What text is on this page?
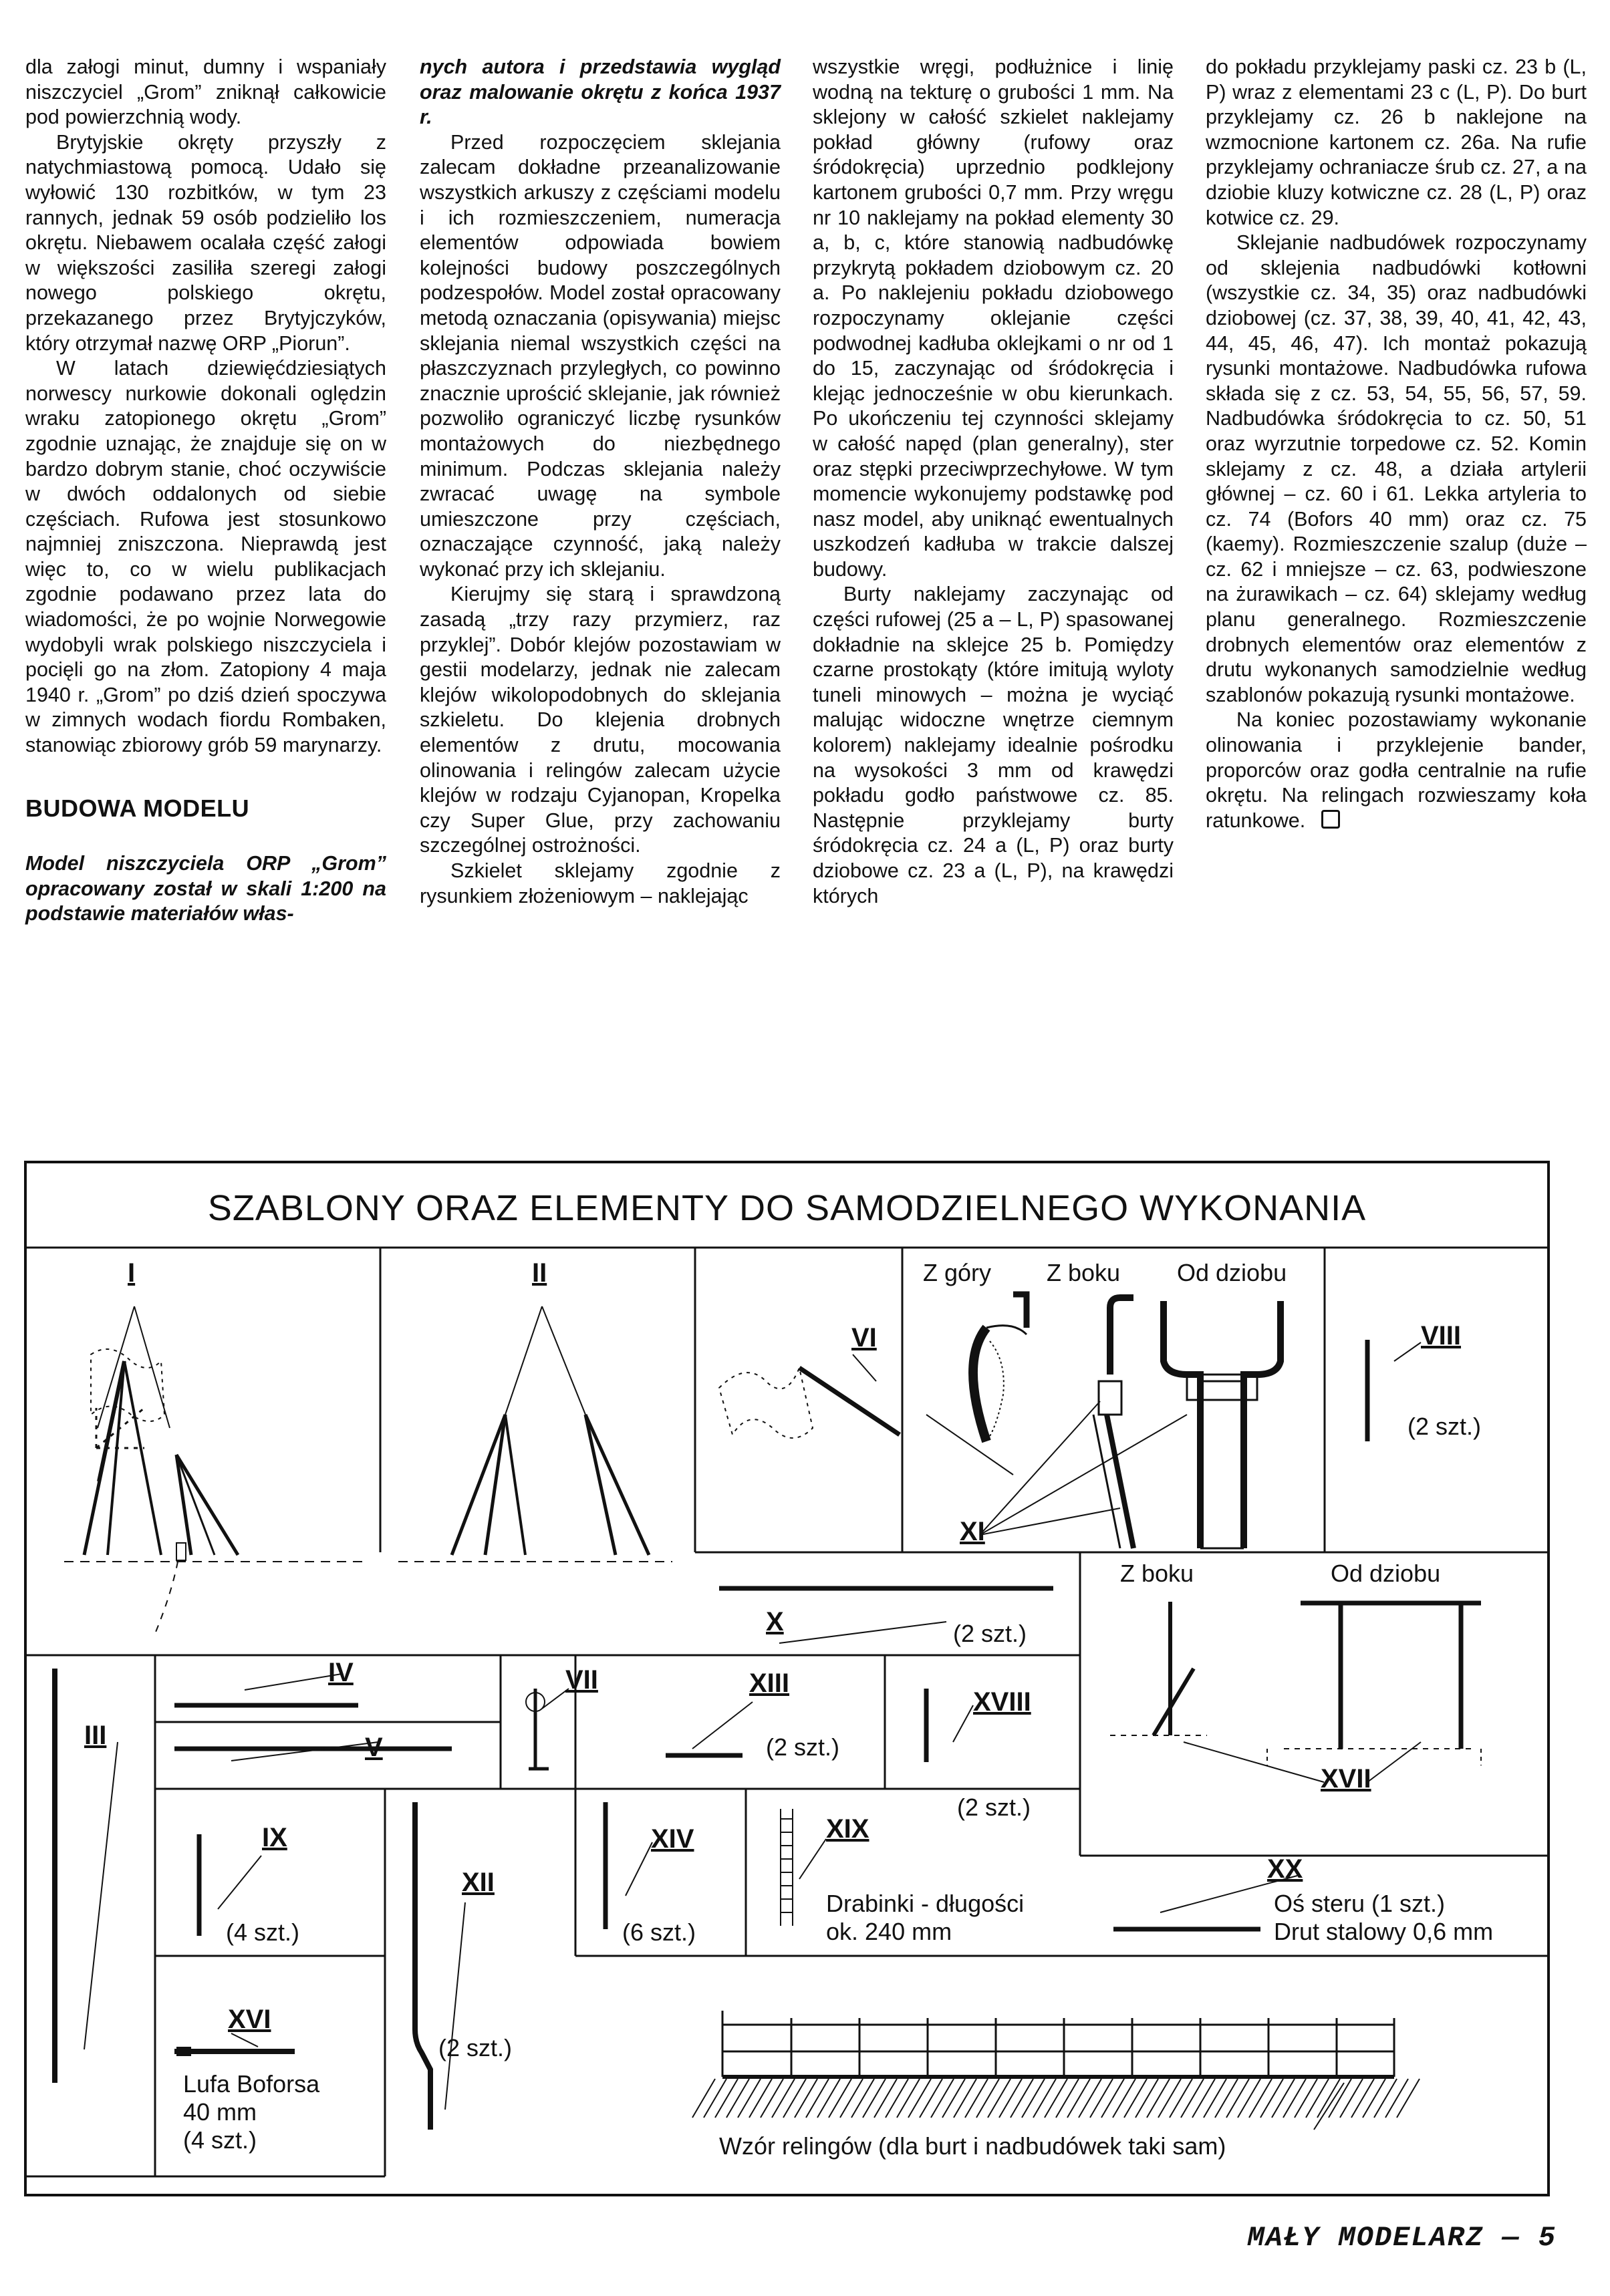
dla załogi minut, dumny i wspaniały niszczyciel „Grom” zniknął całkowicie pod powierzchnią wody.

Brytyjskie okręty przyszły z natychmiastową pomocą. Udało się wyłowić 130 rozbitków, w tym 23 rannych, jednak 59 osób podzieliło los okrętu. Niebawem ocalała część załogi w większości zasiliła szeregi załogi nowego polskiego okrętu, przekazanego przez Brytyjczyków, który otrzymał nazwę ORP „Piorun”.

W latach dziewięćdziesiątych norwescy nurkowie dokonali oględzin wraku zatopionego okrętu „Grom” zgodnie uznając, że znajduje się on w bardzo dobrym stanie, choć oczywiście w dwóch oddalonych od siebie częściach. Rufowa jest stosunkowo najmniej zniszczona. Nieprawdą jest więc to, co w wielu publikacjach zgodnie podawano przez lata do wiadomości, że po wojnie Norwegowie wydobyli wrak polskiego niszczyciela i pocięli go na złom. Zatopiony 4 maja 1940 r. „Grom” po dziś dzień spoczywa w zimnych wodach fiordu Rombaken, stanowiąc zbiorowy grób 59 marynarzy.

BUDOWA MODELU

Model niszczyciela ORP „Grom” opracowany został w skali 1:200 na podstawie materiałów włas-

nych autora i przedstawia wygląd oraz malowanie okrętu z końca 1937 r.

Przed rozpoczęciem sklejania zalecam dokładne przeanalizowanie wszystkich arkuszy z częściami modelu i ich rozmieszczeniem, numeracja elementów odpowiada bowiem kolejności budowy poszczególnych podzespołów. Model został opracowany metodą oznaczania (opisywania) miejsc sklejania niemal wszystkich części na płaszczyznach przyległych, co powinno znacznie uprościć sklejanie, jak również pozwoliło ograniczyć liczbę rysunków montażowych do niezbędnego minimum. Podczas sklejania należy zwracać uwagę na symbole umieszczone przy częściach, oznaczające czynność, jaką należy wykonać przy ich sklejaniu.

Kierujmy się starą i sprawdzoną zasadą „trzy razy przymierz, raz przyklej”. Dobór klejów pozostawiam w gestii modelarzy, jednak nie zalecam klejów wikolopodobnych do sklejania szkieletu. Do klejenia drobnych elementów z drutu, mocowania olinowania i relingów zalecam użycie klejów w rodzaju Cyjanopan, Kropelka czy Super Glue, przy zachowaniu szczególnej ostrożności.

Szkielet sklejamy zgodnie z rysunkiem złożeniowym – naklejając

wszystkie wręgi, podłużnice i linię wodną na tekturę o grubości 1 mm. Na sklejony w całość szkielet naklejamy pokład główny (rufowy oraz śródokręcia) uprzednio podklejony kartonem grubości 0,7 mm. Przy wręgu nr 10 naklejamy na pokład elementy 30 a, b, c, które stanowią nadbudówkę przykrytą pokładem dziobowym cz. 20 a. Po naklejeniu pokładu dziobowego rozpoczynamy oklejanie części podwodnej kadłuba oklejkami o nr od 1 do 15, zaczynając od śródokręcia i klejąc jednocześnie w obu kierunkach. Po ukończeniu tej czynności sklejamy w całość napęd (plan generalny), ster oraz stępki przeciwprzechyłowe. W tym momencie wykonujemy podstawkę pod nasz model, aby uniknąć ewentualnych uszkodzeń kadłuba w trakcie dalszej budowy.

Burty naklejamy zaczynając od części rufowej (25 a – L, P) spasowanej dokładnie na sklejce 25 b. Pomiędzy czarne prostokąty (które imitują wyloty tuneli minowych – można je wyciąć malując widoczne wnętrze ciemnym kolorem) naklejamy idealnie pośrodku na wysokości 3 mm od krawędzi pokładu godło państwowe cz. 85. Następnie przyklejamy burty śródokręcia cz. 24 a (L, P) oraz burty dziobowe cz. 23 a (L, P), na krawędzi których

do pokładu przyklejamy paski cz. 23 b (L, P) wraz z elementami 23 c (L, P). Do burt przyklejamy cz. 26 b naklejone na wzmocnione kartonem cz. 26a. Na rufie przyklejamy ochraniacze śrub cz. 27, a na dziobie kluzy kotwiczne cz. 28 (L, P) oraz kotwice cz. 29.

Sklejanie nadbudówek rozpoczynamy od sklejenia nadbudówki kotłowni (wszystkie cz. 34, 35) oraz nadbudówki dziobowej (cz. 37, 38, 39, 40, 41, 42, 43, 44, 45, 46, 47). Ich montaż pokazują rysunki montażowe. Nadbudówka rufowa składa się z cz. 53, 54, 55, 56, 57, 59. Nadbudówka śródokręcia to cz. 50, 51 oraz wyrzutnie torpedowe cz. 52. Komin sklejamy z cz. 48, a działa artylerii głównej – cz. 60 i 61. Lekka artyleria to cz. 74 (Bofors 40 mm) oraz cz. 75 (kaemy). Rozmieszczenie szalup (duże – cz. 62 i mniejsze – cz. 63, podwieszone na żurawikach – cz. 64) sklejamy według planu generalnego. Rozmieszczenie drobnych elementów oraz elementów z drutu wykonanych samodzielnie według szablonów pokazują rysunki montażowe.

Na koniec pozostawiamy wykonanie olinowania i przyklejenie bander, proporców oraz godła centralnie na rufie okrętu. Na relingach rozwieszamy koła ratunkowe.

SZABLONY ORAZ ELEMENTY DO SAMODZIELNEGO WYKONANIA
I	II
VI
XI
VIII
X
XVII
III
IV
V
VII	XIII
XVIII
IX
XII
XIV	XIX
XX
XVI
Z góry Z boku Od dziobu
Z boku	Od dziobu
(2 szt.)
(2 szt.)
(2 szt.)
(2 szt.)
(4 szt.)	(6 szt.)
(2 szt.)
Drabinki - długości
ok. 240 mm
Oś steru (1 szt.)
Drut stalowy 0,6 mm
Lufa Boforsa
40 mm
(4 szt.)	Wzór relingów (dla burt i nadbudówek taki sam)
MAŁY MODELARZ — 5
